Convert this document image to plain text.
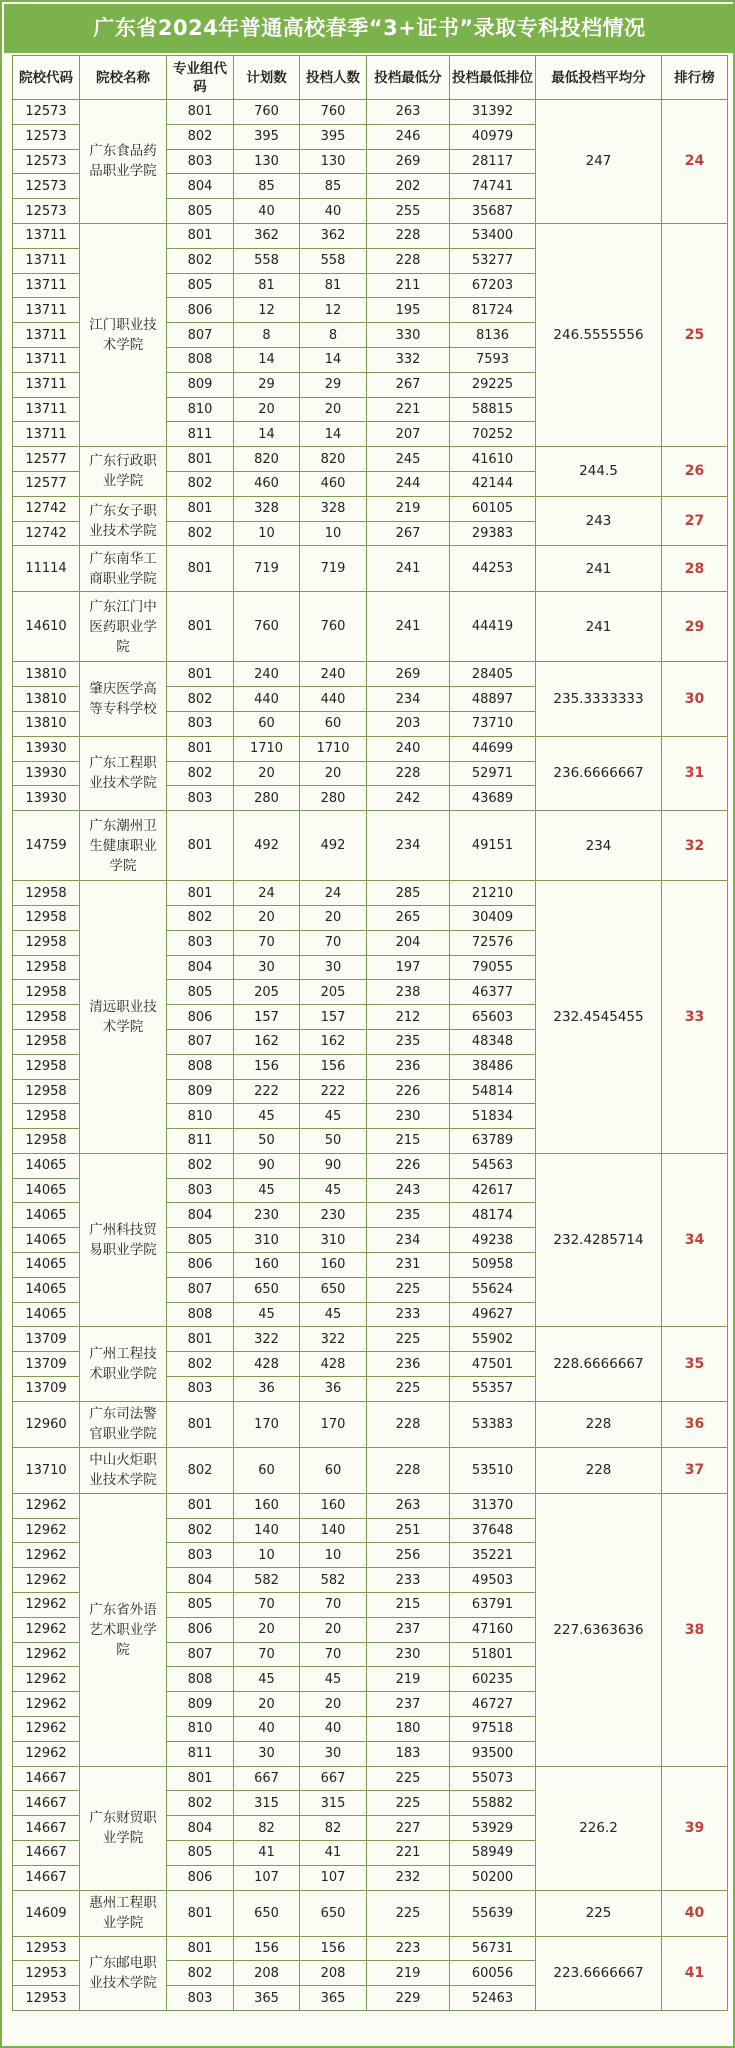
广东省2024年普通高校春季“3+证书”录取专科投档情况
院校代码	院校名称	专业组代码	计划数	投档人数	投档最低分	投档最低排位	最低投档平均分	排行榜
12573	广东食品药品职业学院	801	760	760	263	31392	247	24
12573		802	395	395	246	40979		
12573		803	130	130	269	28117		
12573		804	85	85	202	74741		
12573		805	40	40	255	35687		
13711	江门职业技术学院	801	362	362	228	53400	246.5555556	25
13711		802	558	558	228	53277		
13711		805	81	81	211	67203		
13711		806	12	12	195	81724		
13711		807	8	8	330	8136		
13711		808	14	14	332	7593		
13711		809	29	29	267	29225		
13711		810	20	20	221	58815		
13711		811	14	14	207	70252		
12577	广东行政职业学院	801	820	820	245	41610	244.5	26
12577		802	460	460	244	42144		
12742	广东女子职业技术学院	801	328	328	219	60105	243	27
12742		802	10	10	267	29383		
11114	广东南华工商职业学院	801	719	719	241	44253	241	28
14610	广东江门中医药职业学院	801	760	760	241	44419	241	29
13810	肇庆医学高等专科学校	801	240	240	269	28405	235.3333333	30
13810		802	440	440	234	48897		
13810		803	60	60	203	73710		
13930	广东工程职业技术学院	801	1710	1710	240	44699	236.6666667	31
13930		802	20	20	228	52971		
13930		803	280	280	242	43689		
14759	广东潮州卫生健康职业学院	801	492	492	234	49151	234	32
12958	清远职业技术学院	801	24	24	285	21210	232.4545455	33
12958		802	20	20	265	30409		
12958		803	70	70	204	72576		
12958		804	30	30	197	79055		
12958		805	205	205	238	46377		
12958		806	157	157	212	65603		
12958		807	162	162	235	48348		
12958		808	156	156	236	38486		
12958		809	222	222	226	54814		
12958		810	45	45	230	51834		
12958		811	50	50	215	63789		
14065	广州科技贸易职业学院	802	90	90	226	54563	232.4285714	34
14065		803	45	45	243	42617		
14065		804	230	230	235	48174		
14065		805	310	310	234	49238		
14065		806	160	160	231	50958		
14065		807	650	650	225	55624		
14065		808	45	45	233	49627		
13709	广州工程技术职业学院	801	322	322	225	55902	228.6666667	35
13709		802	428	428	236	47501		
13709		803	36	36	225	55357		
12960	广东司法警官职业学院	801	170	170	228	53383	228	36
13710	中山火炬职业技术学院	802	60	60	228	53510	228	37
12962	广东省外语艺术职业学院	801	160	160	263	31370	227.6363636	38
12962		802	140	140	251	37648		
12962		803	10	10	256	35221		
12962		804	582	582	233	49503		
12962		805	70	70	215	63791		
12962		806	20	20	237	47160		
12962		807	70	70	230	51801		
12962		808	45	45	219	60235		
12962		809	20	20	237	46727		
12962		810	40	40	180	97518		
12962		811	30	30	183	93500		
14667	广东财贸职业学院	801	667	667	225	55073	226.2	39
14667		802	315	315	225	55882		
14667		804	82	82	227	53929		
14667		805	41	41	221	58949		
14667		806	107	107	232	50200		
14609	惠州工程职业学院	801	650	650	225	55639	225	40
12953	广东邮电职业技术学院	801	156	156	223	56731	223.6666667	41
12953		802	208	208	219	60056		
12953		803	365	365	229	52463		
